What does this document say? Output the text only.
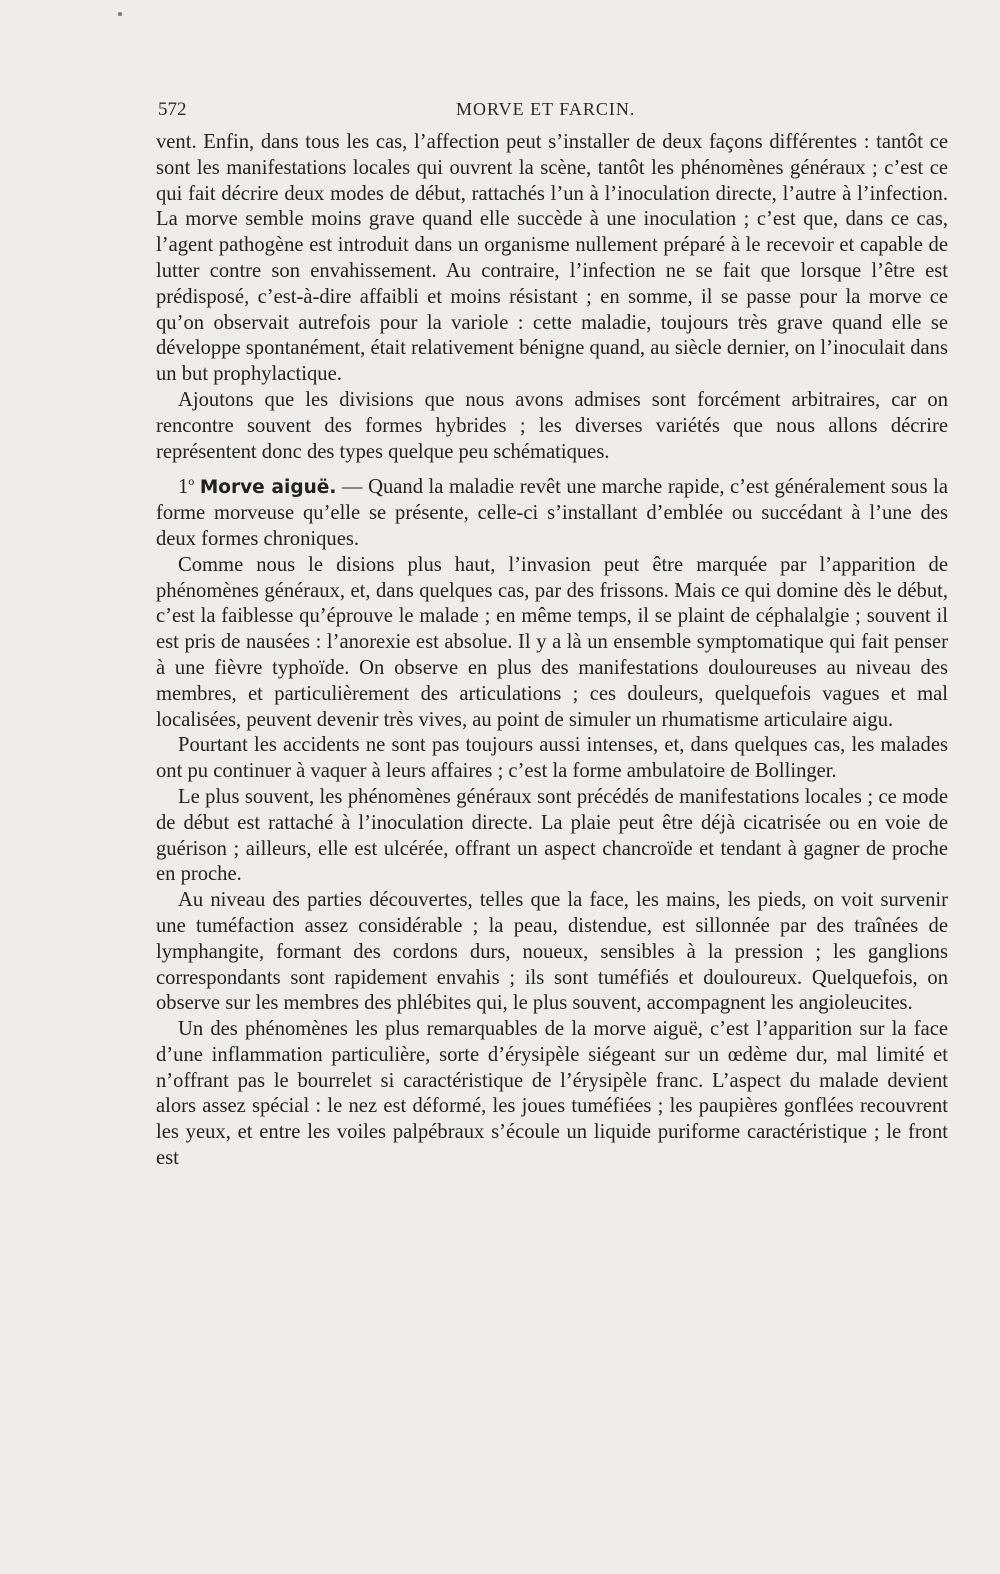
572	MORVE ET FARCIN.

vent. Enfin, dans tous les cas, l’affection peut s’installer de deux façons différentes : tantôt ce sont les manifestations locales qui ouvrent la scène, tantôt les phénomènes généraux ; c’est ce qui fait décrire deux modes de début, rattachés l’un à l’inoculation directe, l’autre à l’infection. La morve semble moins grave quand elle succède à une inoculation ; c’est que, dans ce cas, l’agent pathogène est introduit dans un organisme nullement préparé à le recevoir et capable de lutter contre son envahissement. Au contraire, l’infection ne se fait que lorsque l’être est prédisposé, c’est-à-dire affaibli et moins résistant ; en somme, il se passe pour la morve ce qu’on observait autrefois pour la variole : cette maladie, toujours très grave quand elle se développe spontanément, était relativement bénigne quand, au siècle dernier, on l’inoculait dans un but prophylactique.

Ajoutons que les divisions que nous avons admises sont forcément arbitraires, car on rencontre souvent des formes hybrides ; les diverses variétés que nous allons décrire représentent donc des types quelque peu schématiques.

1$^o$ Morve aiguë. — Quand la maladie revêt une marche rapide, c’est généralement sous la forme morveuse qu’elle se présente, celle-ci s’installant d’emblée ou succédant à l’une des deux formes chroniques.

Comme nous le disions plus haut, l’invasion peut être marquée par l’apparition de phénomènes généraux, et, dans quelques cas, par des frissons. Mais ce qui domine dès le début, c’est la faiblesse qu’éprouve le malade ; en même temps, il se plaint de céphalalgie ; souvent il est pris de nausées : l’anorexie est absolue. Il y a là un ensemble symptomatique qui fait penser à une fièvre typhoïde. On observe en plus des manifestations douloureuses au niveau des membres, et particulièrement des articulations ; ces douleurs, quelquefois vagues et mal localisées, peuvent devenir très vives, au point de simuler un rhumatisme articulaire aigu.

Pourtant les accidents ne sont pas toujours aussi intenses, et, dans quelques cas, les malades ont pu continuer à vaquer à leurs affaires ; c’est la forme ambulatoire de Bollinger.

Le plus souvent, les phénomènes généraux sont précédés de manifestations locales ; ce mode de début est rattaché à l’inoculation directe. La plaie peut être déjà cicatrisée ou en voie de guérison ; ailleurs, elle est ulcérée, offrant un aspect chancroïde et tendant à gagner de proche en proche.

Au niveau des parties découvertes, telles que la face, les mains, les pieds, on voit survenir une tuméfaction assez considérable ; la peau, distendue, est sillonnée par des traînées de lymphangite, formant des cordons durs, noueux, sensibles à la pression ; les ganglions correspondants sont rapidement envahis ; ils sont tuméfiés et douloureux. Quelquefois, on observe sur les membres des phlébites qui, le plus souvent, accompagnent les angioleucites.

Un des phénomènes les plus remarquables de la morve aiguë, c’est l’apparition sur la face d’une inflammation particulière, sorte d’érysipèle siégeant sur un œdème dur, mal limité et n’offrant pas le bourrelet si caractéristique de l’érysipèle franc. L’aspect du malade devient alors assez spécial : le nez est déformé, les joues tuméfiées ; les paupières gonflées recouvrent les yeux, et entre les voiles palpébraux s’écoule un liquide puriforme caractéristique ; le front est
